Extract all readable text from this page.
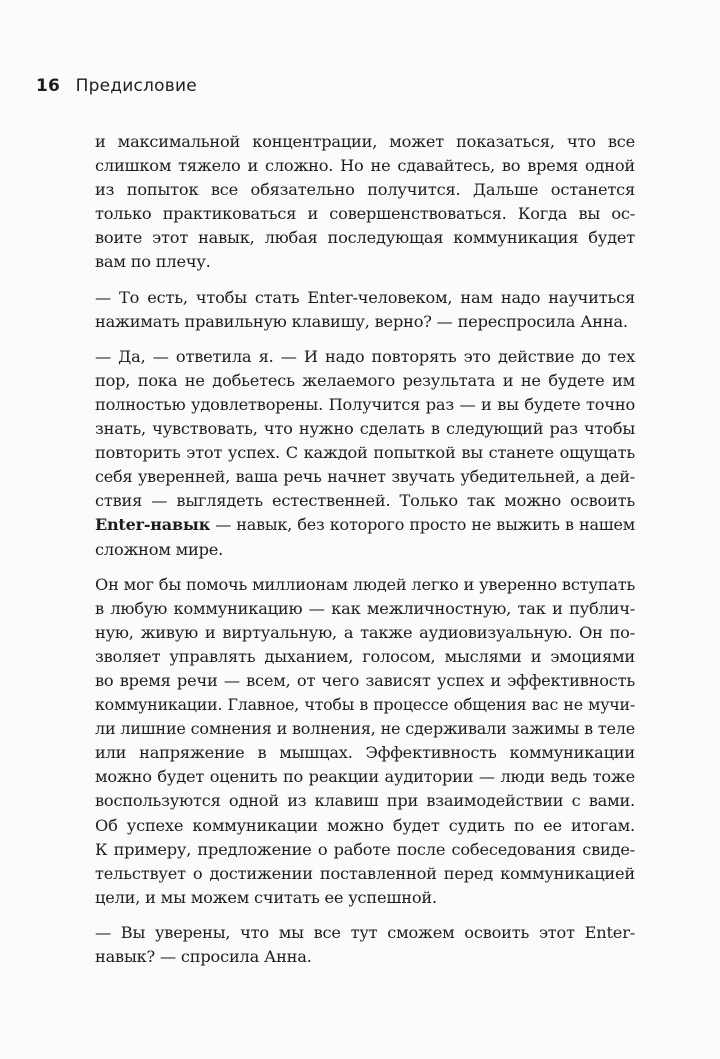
16 Предисловие

и максимальной концентрации, может показаться, что все
слишком тяжело и сложно. Но не сдавайтесь, во время одной
из попыток все обязательно получится. Дальше останется
только практиковаться и совершенствоваться. Когда вы ос-
воите этот навык, любая последующая коммуникация будет
вам по плечу.

— То есть, чтобы стать Enter-человеком, нам надо научиться
нажимать правильную клавишу, верно? — переспросила Анна.

— Да, — ответила я. — И надо повторять это действие до тех
пор, пока не добьетесь желаемого результата и не будете им
полностью удовлетворены. Получится раз — и вы будете точно
знать, чувствовать, что нужно сделать в следующий раз чтобы
повторить этот успех. С каждой попыткой вы станете ощущать
себя уверенней, ваша речь начнет звучать убедительней, а дей-
ствия — выглядеть естественней. Только так можно освоить
Enter-навык — навык, без которого просто не выжить в нашем
сложном мире.

Он мог бы помочь миллионам людей легко и уверенно вступать
в любую коммуникацию — как межличностную, так и публич-
ную, живую и виртуальную, а также аудиовизуальную. Он по-
зволяет управлять дыханием, голосом, мыслями и эмоциями
во время речи — всем, от чего зависят успех и эффективность
коммуникации. Главное, чтобы в процессе общения вас не мучи-
ли лишние сомнения и волнения, не сдерживали зажимы в теле
или напряжение в мышцах. Эффективность коммуникации
можно будет оценить по реакции аудитории — люди ведь тоже
воспользуются одной из клавиш при взаимодействии с вами.
Об успехе коммуникации можно будет судить по ее итогам.
К примеру, предложение о работе после собеседования свиде-
тельствует о достижении поставленной перед коммуникацией
цели, и мы можем считать ее успешной.

— Вы уверены, что мы все тут сможем освоить этот Enter-
навык? — спросила Анна.
